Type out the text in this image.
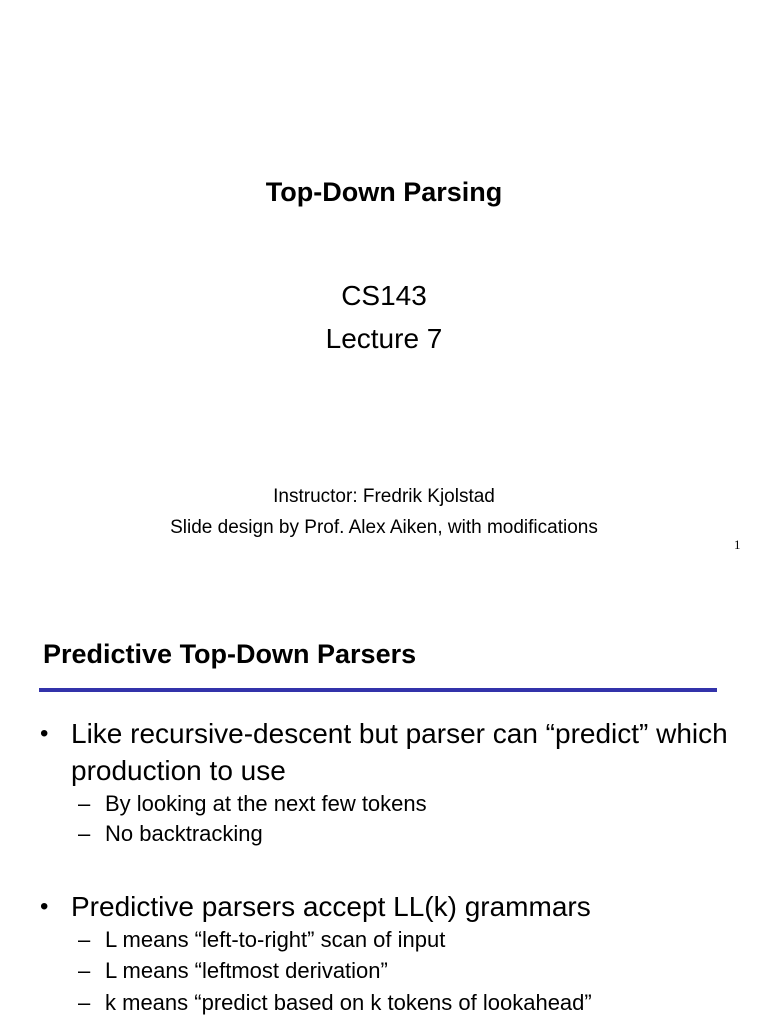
Top-Down Parsing
CS143
Lecture 7
Instructor: Fredrik Kjolstad
Slide design by Prof. Alex Aiken, with modifications
1
Predictive Top-Down Parsers
• Like recursive-descent but parser can “predict” which production to use
– By looking at the next few tokens
– No backtracking
• Predictive parsers accept LL(k) grammars
– L means “left-to-right” scan of input
– L means “leftmost derivation”
– k means “predict based on k tokens of lookahead”
